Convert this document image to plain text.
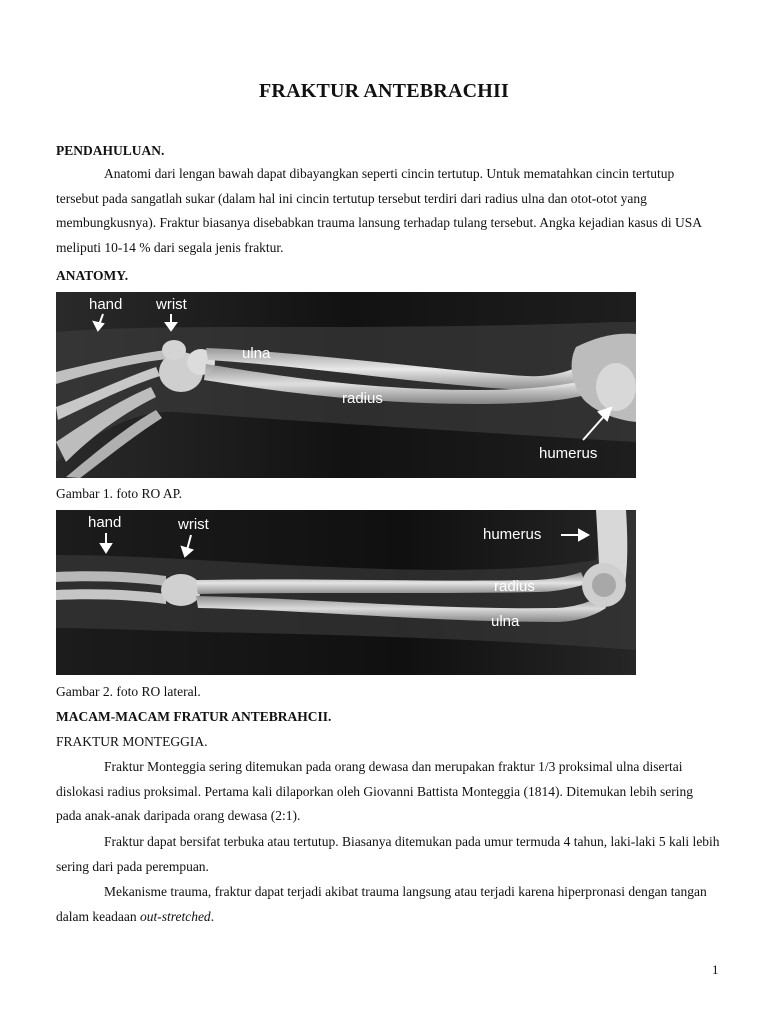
FRAKTUR ANTEBRACHII
PENDAHULUAN.

Anatomi dari lengan bawah dapat dibayangkan seperti cincin tertutup. Untuk mematahkan cincin tertutup tersebut pada sangatlah sukar (dalam hal ini cincin tertutup tersebut terdiri dari radius ulna dan otot-otot yang membungkusnya). Fraktur biasanya disebabkan trauma lansung terhadap tulang tersebut. Angka kejadian kasus di USA meliputi 10-14 % dari segala jenis fraktur.

ANATOMY.
hand wrist
ulna
radius
humerus
Gambar 1. foto RO AP.
hand	wrist
humerus
radius
ulna
Gambar 2. foto RO lateral.
MACAM-MACAM FRATUR ANTEBRAHCII.
FRAKTUR MONTEGGIA.

Fraktur Monteggia sering ditemukan pada orang dewasa dan merupakan fraktur 1/3 proksimal ulna disertai dislokasi radius proksimal. Pertama kali dilaporkan oleh Giovanni Battista Monteggia (1814). Ditemukan lebih sering pada anak-anak daripada orang dewasa (2:1).

Fraktur dapat bersifat terbuka atau tertutup. Biasanya ditemukan pada umur termuda 4 tahun, laki-laki 5 kali lebih sering dari pada perempuan.

Mekanisme trauma, fraktur dapat terjadi akibat trauma langsung atau terjadi karena hiperpronasi dengan tangan dalam keadaan out-stretched.

1
